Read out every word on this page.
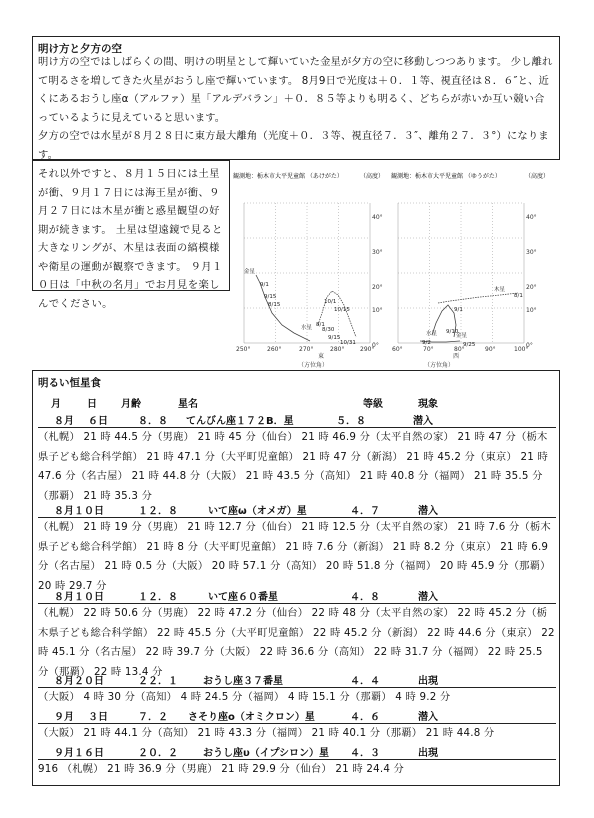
明け方と夕方の空
明け方の空ではしばらくの間、明けの明星として輝いていた金星が夕方の空に移動しつつあります。 少し離れて明るさを増してきた火星がおうし座で輝いています。 8月9日で光度は＋０．１等、視直径は８．６″と、近くにあるおうし座α（アルファ）星「アルデバラン」＋０．８５等よりも明るく、どちらが赤いか互い競い合っているように見えていると思います。
夕方の空では水星が８月２８日に東方最大離角（光度＋０．３等、視直径７．３″、離角２７．３°）になります。
それ以外ですと、８月１５日には土星が衝、９月１７日には海王星が衝、９月２７日には木星が衝と惑星観望の好期が続きます。 土星は望遠鏡で見ると大きなリングが、木星は表面の縞模様や衛星の運動が観察できます。 ９月１０日は「中秋の名月」でお月見を楽しんでください。
観測地：栃木市大平児童館 （あけがた）	（高度）
40°
30°
20°
10°
0°
250°	260°	270°	280°	290°
東
（方位角）
金星
9/1
9/15
8/15
水星 8/1
10/1
10/15
10/31
9/15
8/30
観測地：栃木市大平児童館 （ゆうがた）	（高度）
40°
30°
20°
10°
0°
60°	70°	80°	90°	100°
西
（方位角）
木星
8/1
9/1
9/10
水星
9/2
金星
9/25
明るい恒星食
月	日 月齢	星名	等級	現象
８月 ６日	８．８ てんびん座１７２B．星	５．８	潜入
（札幌） 21 時 44.5 分（男鹿） 21 時 45 分（仙台） 21 時 46.9 分（太平自然の家） 21 時 47 分（栃木県子ども総合科学館） 21 時 47.1 分（大平町児童館） 21 時 47 分（新潟） 21 時 45.2 分（東京） 21 時 47.6 分（名古屋） 21 時 44.8 分（大阪） 21 時 43.5 分（高知） 21 時 40.8 分（福岡） 21 時 35.5 分（那覇） 21 時 35.3 分
８月１０日	１２．８	いて座ω（オメガ）星	４．７	潜入
（札幌） 21 時 19 分（男鹿） 21 時 12.7 分（仙台） 21 時 12.5 分（太平自然の家） 21 時 7.6 分（栃木県子ども総合科学館） 21 時 8 分（大平町児童館） 21 時 7.6 分（新潟） 21 時 8.2 分（東京） 21 時 6.9 分（名古屋） 21 時 0.5 分（大阪） 20 時 57.1 分（高知） 20 時 51.8 分（福岡） 20 時 45.9 分（那覇） 20 時 29.7 分
８月１０日	１２．８	いて座６０番星	４．８	潜入
（札幌） 22 時 50.6 分（男鹿） 22 時 47.2 分（仙台） 22 時 48 分（太平自然の家） 22 時 45.2 分（栃木県子ども総合科学館） 22 時 45.5 分（大平町児童館） 22 時 45.2 分（新潟） 22 時 44.6 分（東京） 22 時 45.1 分（名古屋） 22 時 39.7 分（大阪） 22 時 36.6 分（高知） 22 時 31.7 分（福岡） 22 時 25.5 分（那覇） 22 時 13.4 分
８月２０日	２２．１	おうし座３７番星	４．４	出現
（大阪） 4 時 30 分（高知） 4 時 24.5 分（福岡） 4 時 15.1 分（那覇） 4 時 9.2 分
９月 ３日	７．２ さそり座ο（オミクロン）星	４．６	潜入
（大阪） 21 時 44.1 分（高知） 21 時 43.3 分（福岡） 21 時 40.1 分（那覇） 21 時 44.8 分
９月１６日	２０．２	おうし座υ（イプシロン）星 ４．３	出現
916 （札幌） 21 時 36.9 分（男鹿） 21 時 29.9 分（仙台） 21 時 24.4 分
